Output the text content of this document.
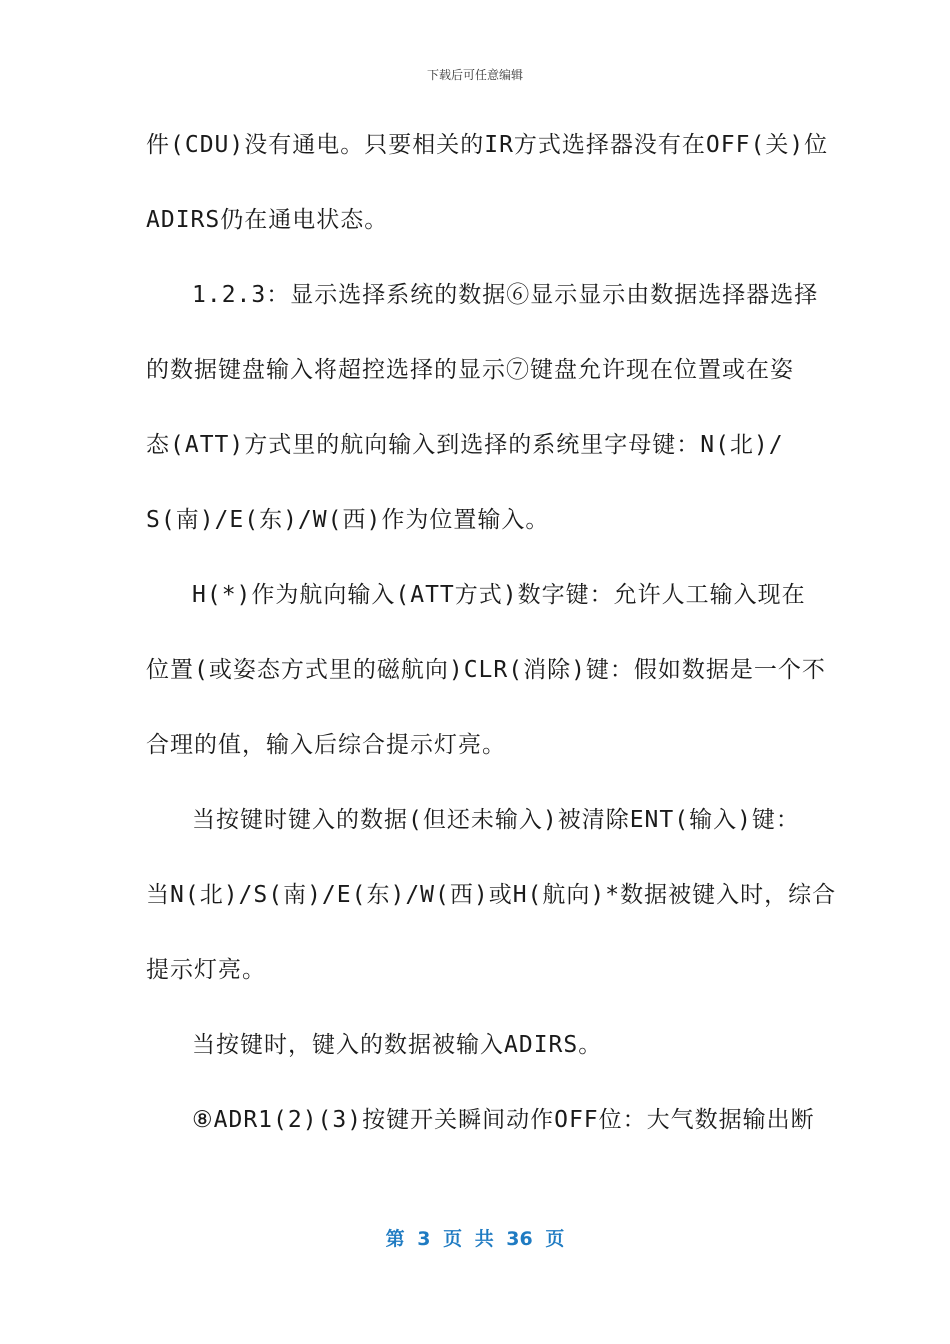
下载后可任意编辑
件(CDU)没有通电。只要相关的IR方式选择器没有在OFF(关)位
ADIRS仍在通电状态。
1.2.3：显示选择系统的数据⑥显示显示由数据选择器选择
的数据键盘输入将超控选择的显示⑦键盘允许现在位置或在姿
态(ATT)方式里的航向输入到选择的系统里字母键：N(北)/
S(南)/E(东)/W(西)作为位置输入。
H(*)作为航向输入(ATT方式)数字键：允许人工输入现在
位置(或姿态方式里的磁航向)CLR(消除)键：假如数据是一个不
合理的值，输入后综合提示灯亮。
当按键时键入的数据(但还未输入)被清除ENT(输入)键：
当N(北)/S(南)/E(东)/W(西)或H(航向)*数据被键入时，综合
提示灯亮。
当按键时，键入的数据被输入ADIRS。
⑧ADR1(2)(3)按键开关瞬间动作OFF位：大气数据输出断
第 3 页 共 36 页
